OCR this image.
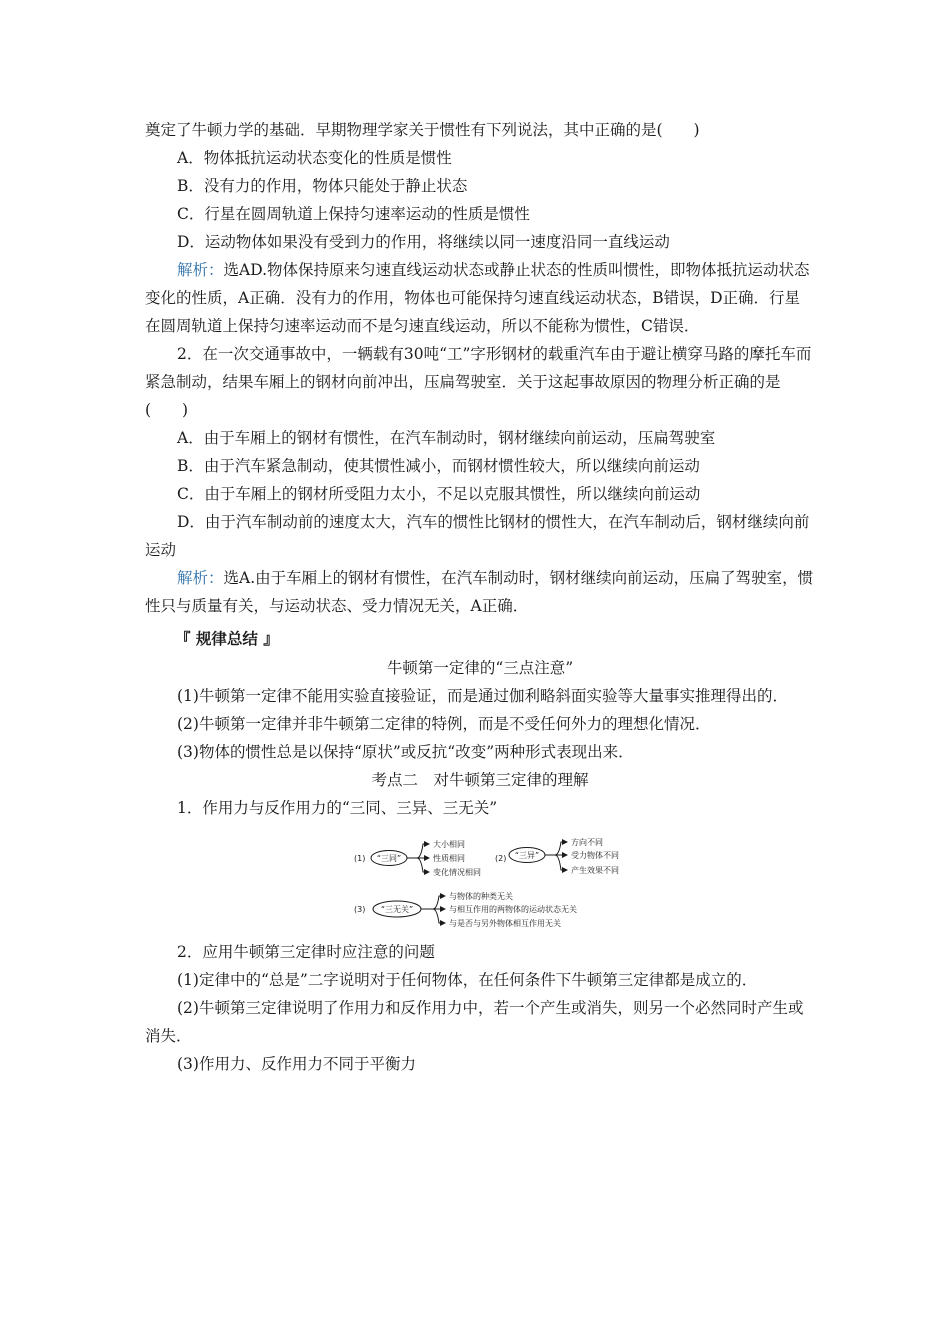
奠定了牛顿力学的基础．早期物理学家关于惯性有下列说法，其中正确的是(　　)

A．物体抵抗运动状态变化的性质是惯性

B．没有力的作用，物体只能处于静止状态

C．行星在圆周轨道上保持匀速率运动的性质是惯性

D．运动物体如果没有受到力的作用，将继续以同一速度沿同一直线运动

解析：选AD.物体保持原来匀速直线运动状态或静止状态的性质叫惯性，即物体抵抗运动状态变化的性质，A正确．没有力的作用，物体也可能保持匀速直线运动状态，B错误，D正确．行星在圆周轨道上保持匀速率运动而不是匀速直线运动，所以不能称为惯性，C错误．

2．在一次交通事故中，一辆载有30吨“工”字形钢材的载重汽车由于避让横穿马路的摩托车而紧急制动，结果车厢上的钢材向前冲出，压扁驾驶室．关于这起事故原因的物理分析正确的是(　　)

A．由于车厢上的钢材有惯性，在汽车制动时，钢材继续向前运动，压扁驾驶室

B．由于汽车紧急制动，使其惯性减小，而钢材惯性较大，所以继续向前运动

C．由于车厢上的钢材所受阻力太小，不足以克服其惯性，所以继续向前运动

D．由于汽车制动前的速度太大，汽车的惯性比钢材的惯性大，在汽车制动后，钢材继续向前运动

解析：选A.由于车厢上的钢材有惯性，在汽车制动时，钢材继续向前运动，压扁了驾驶室，惯性只与质量有关，与运动状态、受力情况无关，A正确．

『 规律总结 』

牛顿第一定律的“三点注意”

(1)牛顿第一定律不能用实验直接验证，而是通过伽利略斜面实验等大量事实推理得出的．

(2)牛顿第一定律并非牛顿第二定律的特例，而是不受任何外力的理想化情况．

(3)物体的惯性总是以保持“原状”或反抗“改变”两种形式表现出来．

考点二　对牛顿第三定律的理解

1．作用力与反作用力的“三同、三异、三无关”

(1) “三同”
大小相同
性质相同
变化情况相同
(2) “三异”
方向不同
受力物体不同
产生效果不同
(3) “三无关”
与物体的种类无关
与相互作用的两物体的运动状态无关
与是否与另外物体相互作用无关

2．应用牛顿第三定律时应注意的问题

(1)定律中的“总是”二字说明对于任何物体，在任何条件下牛顿第三定律都是成立的．

(2)牛顿第三定律说明了作用力和反作用力中，若一个产生或消失，则另一个必然同时产生或消失．

(3)作用力、反作用力不同于平衡力
